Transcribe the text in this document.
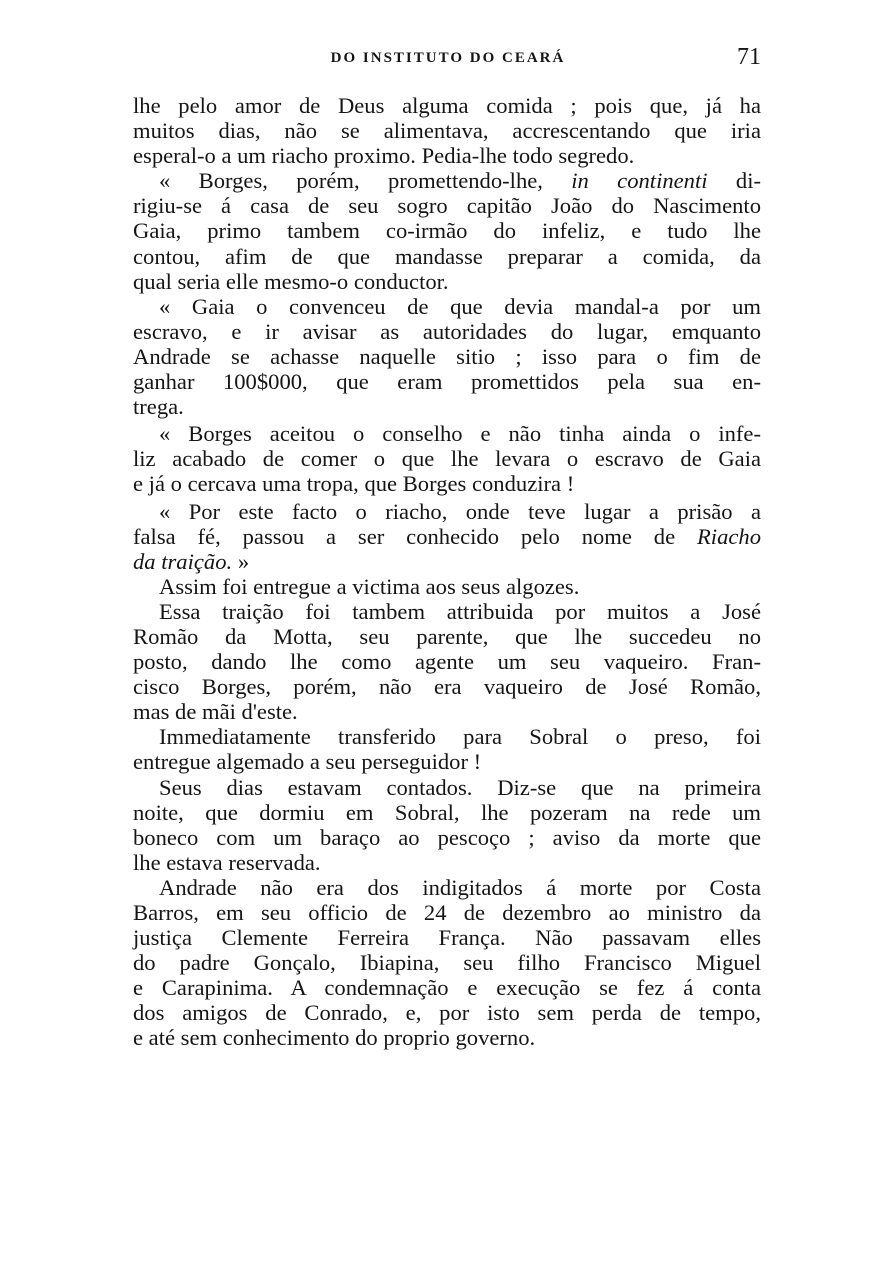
DO INSTITUTO DO CEARÁ	71
lhe pelo amor de Deus alguma comida ; pois que, já ha
muitos dias, não se alimentava, accrescentando que iria
esperal-o a um riacho proximo. Pedia-lhe todo segredo.
« Borges, porém, promettendo-lhe, in continenti di-
rigiu-se á casa de seu sogro capitão João do Nascimento
Gaia, primo tambem co-irmão do infeliz, e tudo lhe
contou, afim de que mandasse preparar a comida, da
qual seria elle mesmo-o conductor.
« Gaia o convenceu de que devia mandal-a por um
escravo, e ir avisar as autoridades do lugar, emquanto
Andrade se achasse naquelle sitio ; isso para o fim de
ganhar 100$000, que eram promettidos pela sua en-
trega.
« Borges aceitou o conselho e não tinha ainda o infe-
liz acabado de comer o que lhe levara o escravo de Gaia
e já o cercava uma tropa, que Borges conduzira !
« Por este facto o riacho, onde teve lugar a prisão a
falsa fé, passou a ser conhecido pelo nome de Riacho
da traição. »
Assim foi entregue a victima aos seus algozes.
Essa traição foi tambem attribuida por muitos a José
Romão da Motta, seu parente, que lhe succedeu no
posto, dando lhe como agente um seu vaqueiro. Fran-
cisco Borges, porém, não era vaqueiro de José Romão,
mas de mãi d'este.
Immediatamente transferido para Sobral o preso, foi
entregue algemado a seu perseguidor !
Seus dias estavam contados. Diz-se que na primeira
noite, que dormiu em Sobral, lhe pozeram na rede um
boneco com um baraço ao pescoço ; aviso da morte que
lhe estava reservada.
Andrade não era dos indigitados á morte por Costa
Barros, em seu officio de 24 de dezembro ao ministro da
justiça Clemente Ferreira França. Não passavam elles
do padre Gonçalo, Ibiapina, seu filho Francisco Miguel
e Carapinima. A condemnação e execução se fez á conta
dos amigos de Conrado, e, por isto sem perda de tempo,
e até sem conhecimento do proprio governo.
